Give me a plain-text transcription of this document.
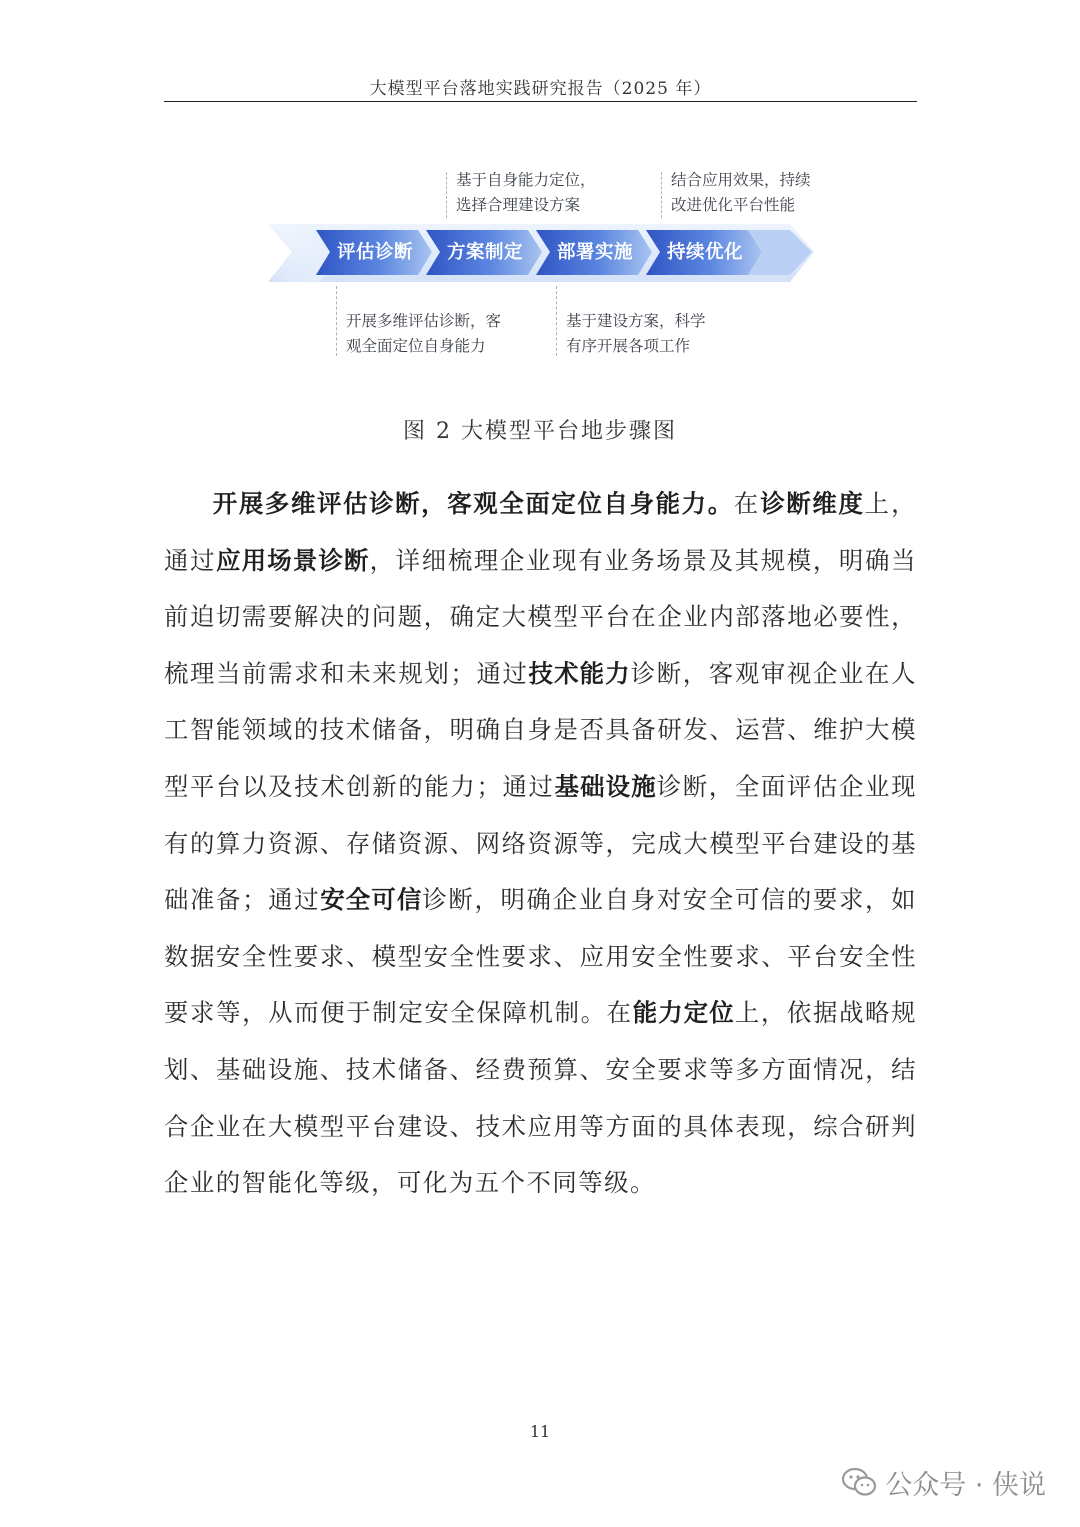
大模型平台落地实践研究报告（2025 年）
评估诊断	方案制定	部署实施	持续优化
基于自身能力定位，
选择合理建设方案
结合应用效果，持续
改进优化平台性能
开展多维评估诊断，客
观全面定位自身能力
基于建设方案，科学
有序开展各项工作
图 2 大模型平台地步骤图

开展多维评估诊断，客观全面定位自身能力。在诊断维度上，通过应用场景诊断，详细梳理企业现有业务场景及其规模，明确当前迫切需要解决的问题，确定大模型平台在企业内部落地必要性，梳理当前需求和未来规划；通过技术能力诊断，客观审视企业在人工智能领域的技术储备，明确自身是否具备研发、运营、维护大模型平台以及技术创新的能力；通过基础设施诊断，全面评估企业现有的算力资源、存储资源、网络资源等，完成大模型平台建设的基础准备；通过安全可信诊断，明确企业自身对安全可信的要求，如数据安全性要求、模型安全性要求、应用安全性要求、平台安全性要求等，从而便于制定安全保障机制。在能力定位上，依据战略规划、基础设施、技术储备、经费预算、安全要求等多方面情况，结合企业在大模型平台建设、技术应用等方面的具体表现，综合研判企业的智能化等级，可化为五个不同等级。

11
公众号 · 侠说
